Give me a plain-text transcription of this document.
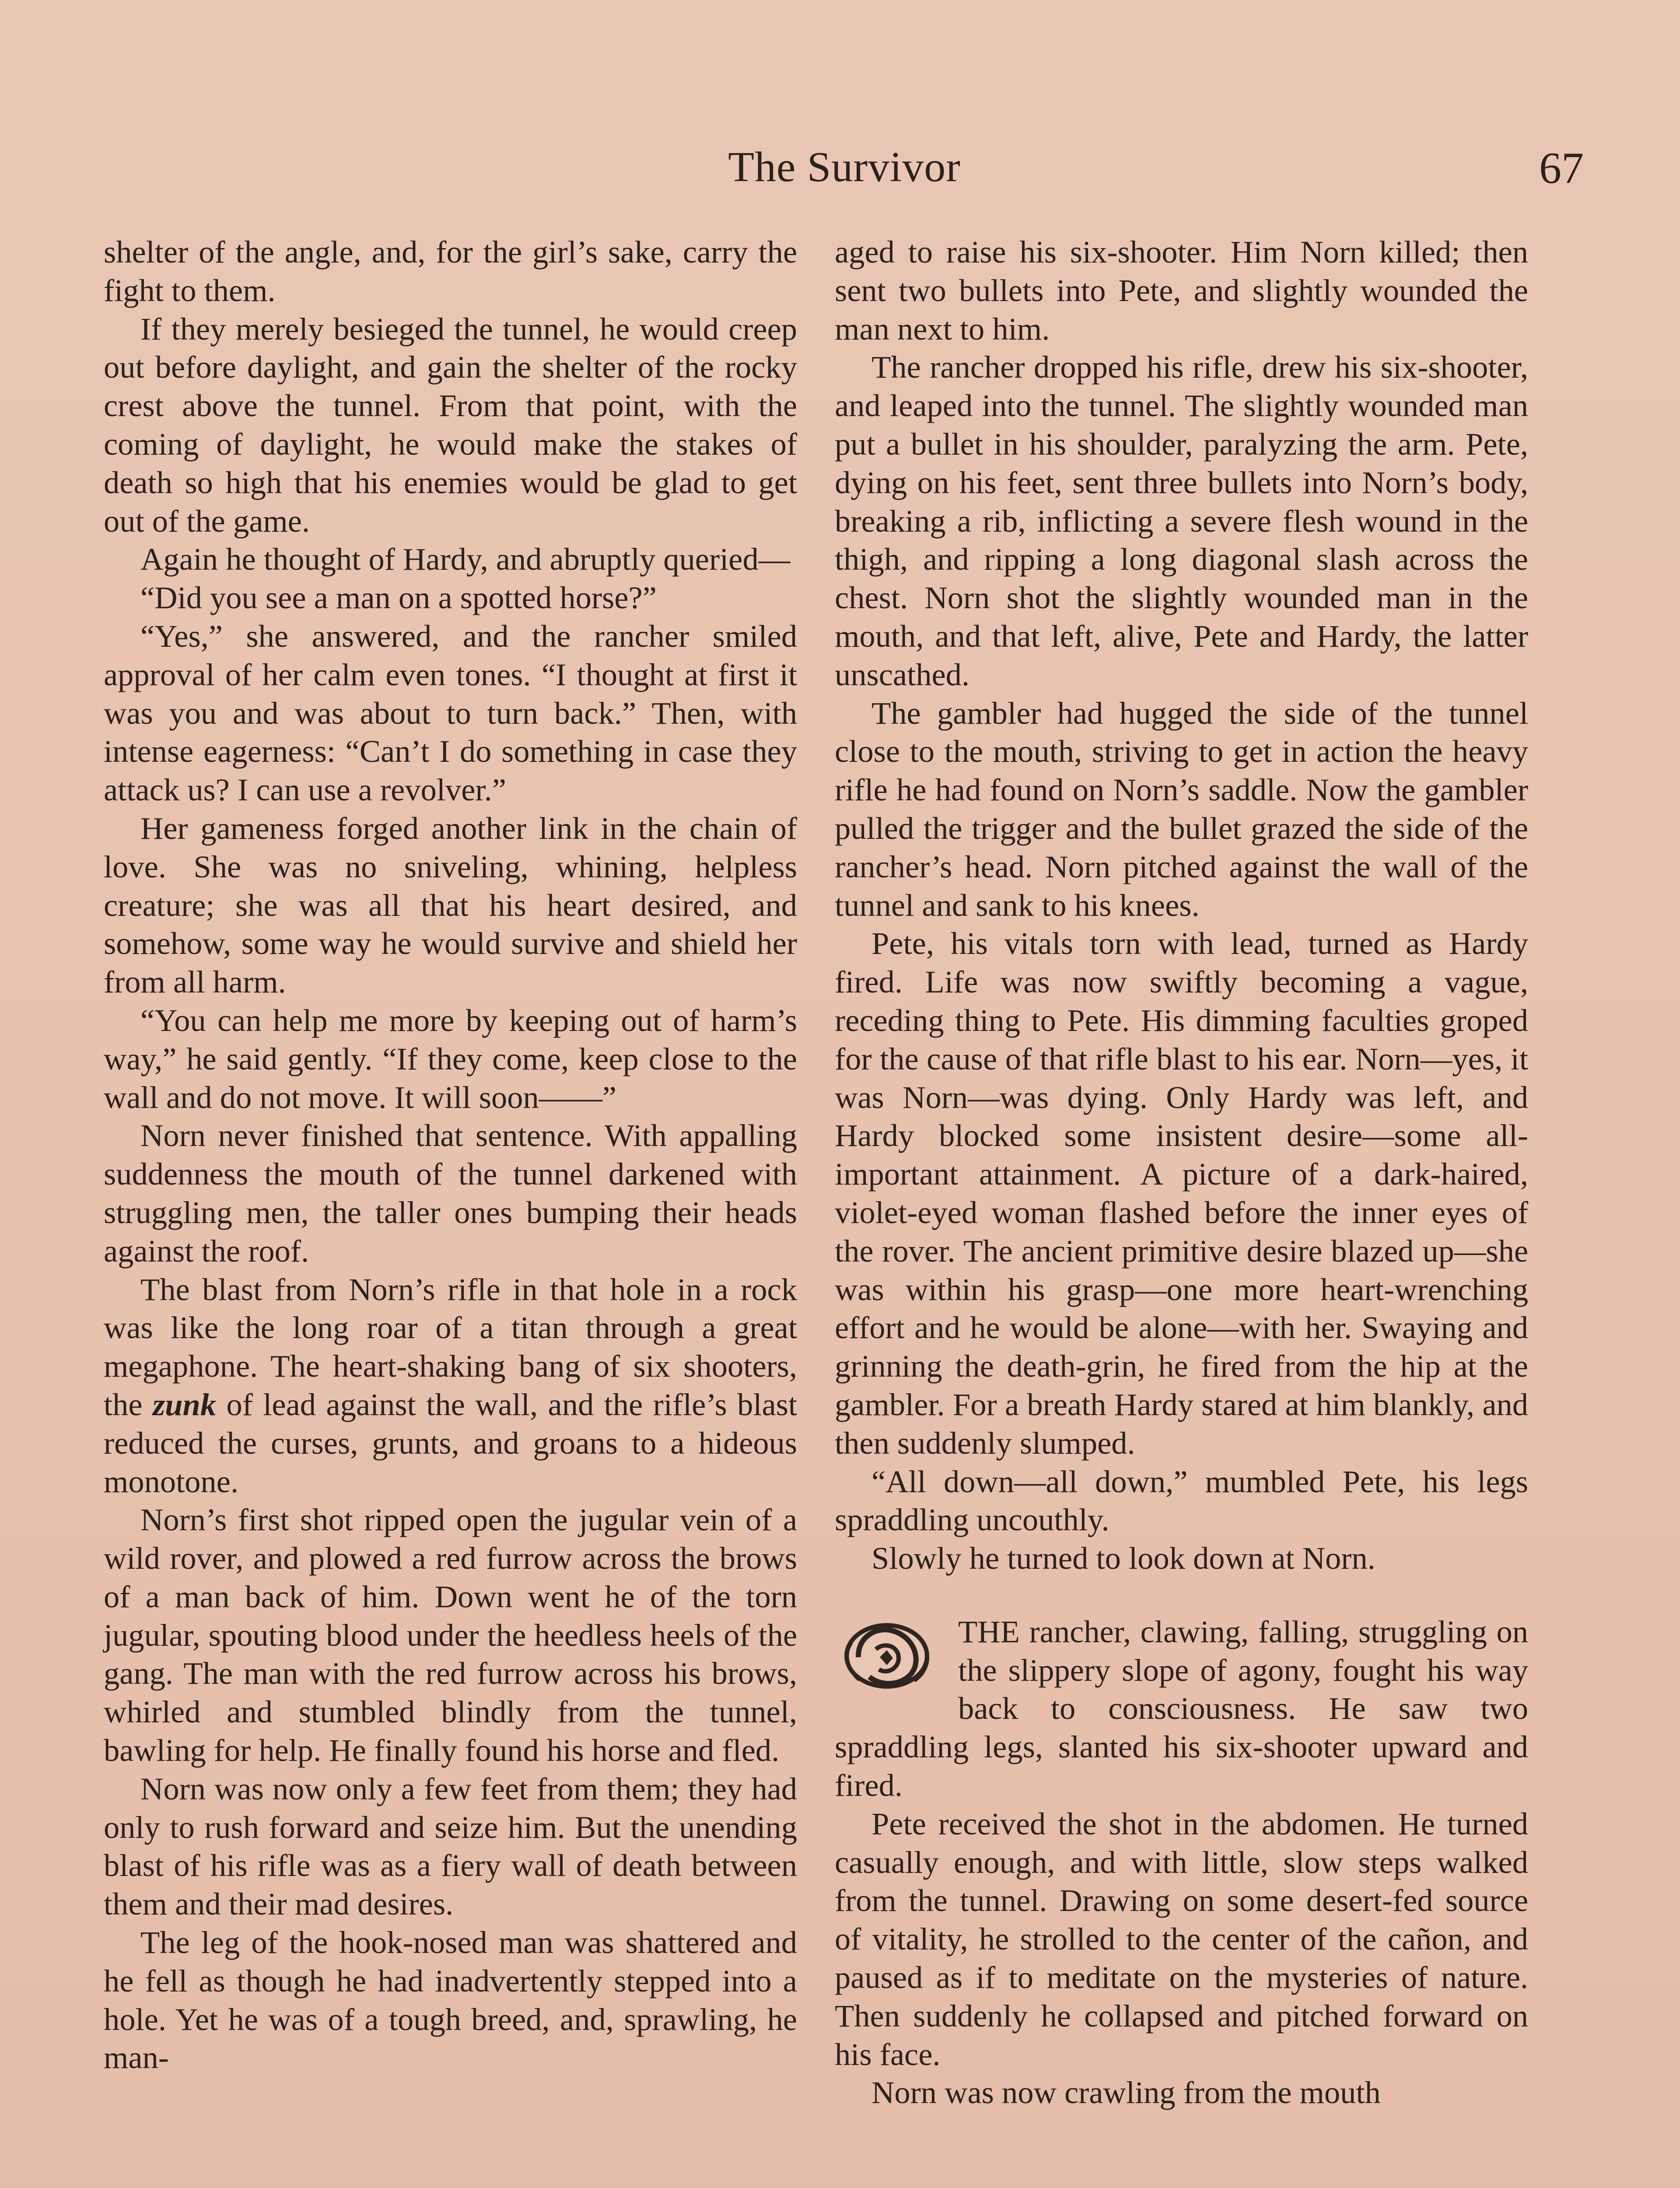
The Survivor	67

shelter of the angle, and, for the girl’s sake, carry the fight to them.

If they merely besieged the tunnel, he would creep out before daylight, and gain the shelter of the rocky crest above the tunnel. From that point, with the coming of daylight, he would make the stakes of death so high that his enemies would be glad to get out of the game.

Again he thought of Hardy, and abruptly queried—

“Did you see a man on a spotted horse?”

“Yes,” she answered, and the rancher smiled approval of her calm even tones. “I thought at first it was you and was about to turn back.” Then, with intense eagerness: “Can’t I do something in case they attack us? I can use a revolver.”

Her gameness forged another link in the chain of love. She was no sniveling, whining, helpless creature; she was all that his heart desired, and somehow, some way he would survive and shield her from all harm.

“You can help me more by keeping out of harm’s way,” he said gently. “If they come, keep close to the wall and do not move. It will soon——”

Norn never finished that sentence. With appalling suddenness the mouth of the tunnel darkened with struggling men, the taller ones bumping their heads against the roof.

The blast from Norn’s rifle in that hole in a rock was like the long roar of a titan through a great megaphone. The heart-shaking bang of six shooters, the zunk of lead against the wall, and the rifle’s blast reduced the curses, grunts, and groans to a hideous monotone.

Norn’s first shot ripped open the jugular vein of a wild rover, and plowed a red furrow across the brows of a man back of him. Down went he of the torn jugular, spouting blood under the heedless heels of the gang. The man with the red furrow across his brows, whirled and stumbled blindly from the tunnel, bawling for help. He finally found his horse and fled.

Norn was now only a few feet from them; they had only to rush forward and seize him. But the unending blast of his rifle was as a fiery wall of death between them and their mad desires.

The leg of the hook-nosed man was shattered and he fell as though he had inadvertently stepped into a hole. Yet he was of a tough breed, and, sprawling, he man-

aged to raise his six-shooter. Him Norn killed; then sent two bullets into Pete, and slightly wounded the man next to him.

The rancher dropped his rifle, drew his six-shooter, and leaped into the tunnel. The slightly wounded man put a bullet in his shoulder, paralyzing the arm. Pete, dying on his feet, sent three bullets into Norn’s body, breaking a rib, inflicting a severe flesh wound in the thigh, and ripping a long diagonal slash across the chest. Norn shot the slightly wounded man in the mouth, and that left, alive, Pete and Hardy, the latter unscathed.

The gambler had hugged the side of the tunnel close to the mouth, striving to get in action the heavy rifle he had found on Norn’s saddle. Now the gambler pulled the trigger and the bullet grazed the side of the rancher’s head. Norn pitched against the wall of the tunnel and sank to his knees.

Pete, his vitals torn with lead, turned as Hardy fired. Life was now swiftly becoming a vague, receding thing to Pete. His dimming faculties groped for the cause of that rifle blast to his ear. Norn—yes, it was Norn—was dying. Only Hardy was left, and Hardy blocked some insistent desire—some all-important attainment. A picture of a dark-haired, violet-eyed woman flashed before the inner eyes of the rover. The ancient primitive desire blazed up—she was within his grasp—one more heart-wrenching effort and he would be alone—with her. Swaying and grinning the death-grin, he fired from the hip at the gambler. For a breath Hardy stared at him blankly, and then suddenly slumped.

“All down—all down,” mumbled Pete, his legs spraddling uncouthly.

Slowly he turned to look down at Norn.

THE rancher, clawing, falling, struggling on the slippery slope of agony, fought his way back to consciousness. He saw two spraddling legs, slanted his six-shooter upward and fired.

Pete received the shot in the abdomen. He turned casually enough, and with little, slow steps walked from the tunnel. Drawing on some desert-fed source of vitality, he strolled to the center of the cañon, and paused as if to meditate on the mysteries of nature. Then suddenly he collapsed and pitched forward on his face.

Norn was now crawling from the mouth
